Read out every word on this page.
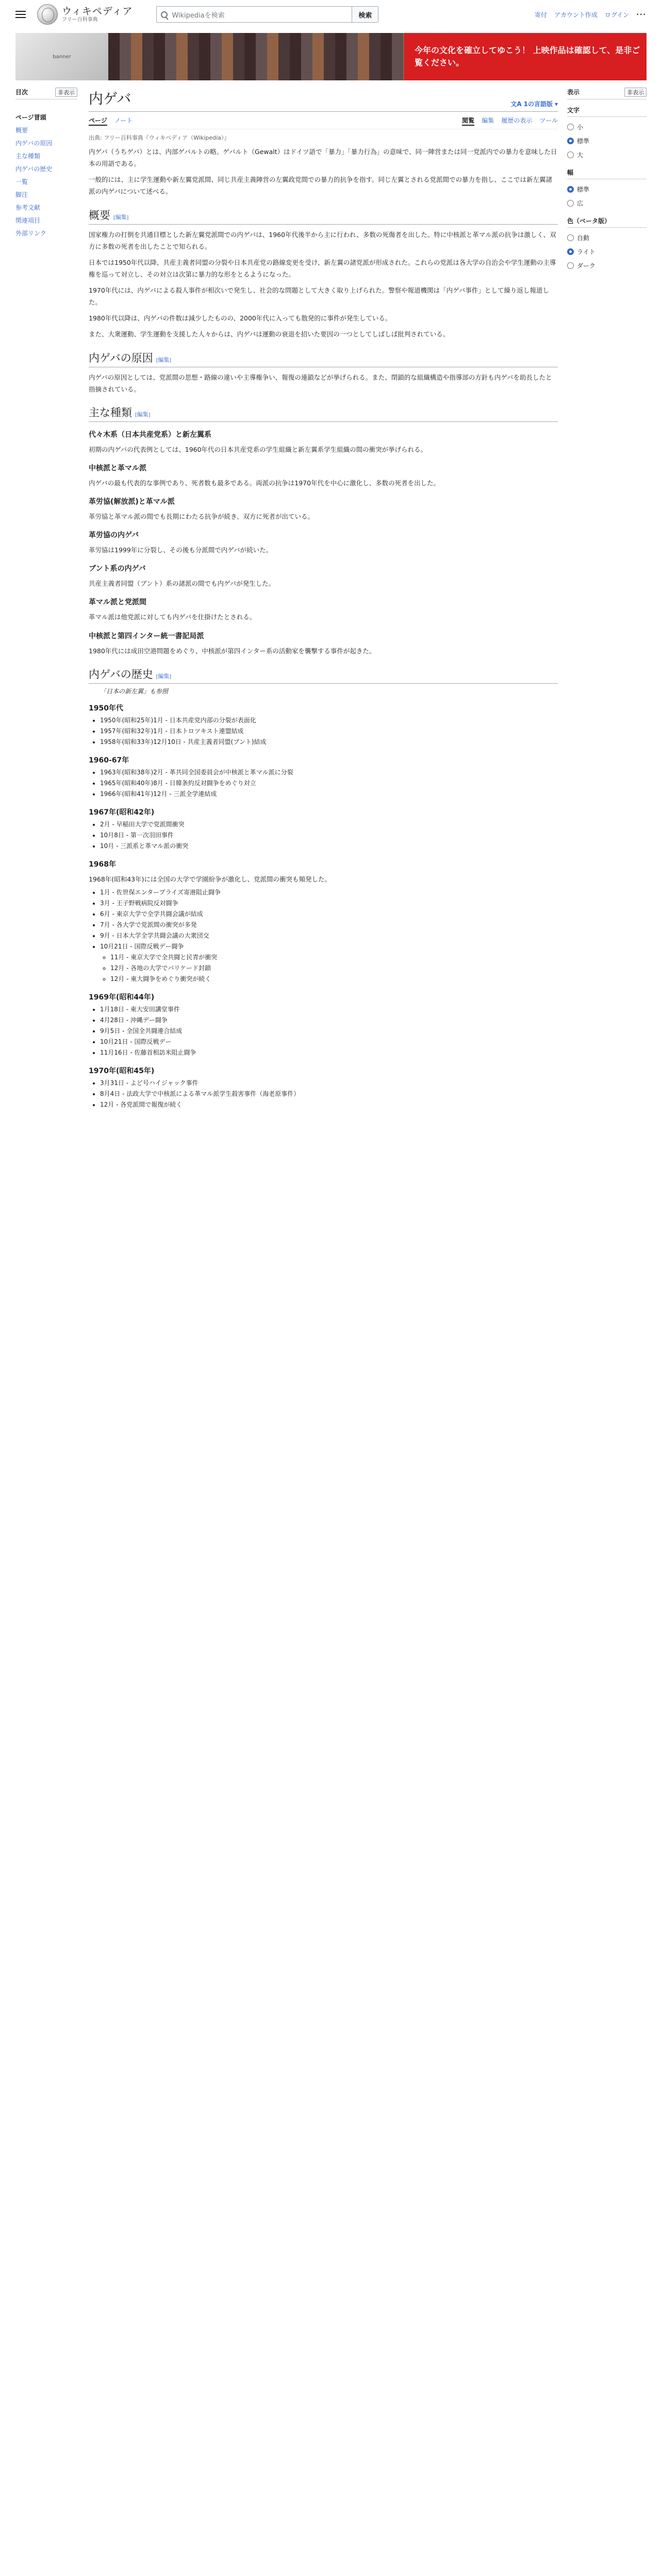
ウィキペディア
フリー百科事典
Wikipediaを検索	検索	寄付 アカウント作成 ログイン ···
banner
今年の文化を確立してゆこう！ 上映作品は確認して、是非ご覧ください。
目次	非表示
ページ冒頭
概要
内ゲバの原因
主な種類
内ゲバの歴史
一覧
脚注
参考文献
関連項目
外部リンク
表示	非表示
文字
小
標準
大
幅
標準
広
色（ベータ版）
自動
ライト
ダーク
内ゲバ	文A 1の言語版 ▾
ページ ノート	閲覧 編集 履歴の表示 ツール
出典: フリー百科事典『ウィキペディア（Wikipedia）』

内ゲバ（うちゲバ）とは、内部ゲバルトの略。ゲバルト（Gewalt）はドイツ語で「暴力」「暴力行為」の意味で、同一陣営または同一党派内での暴力を意味した日本の用語である。

一般的には、主に学生運動や新左翼党派間、同じ共産主義陣営の左翼政党間での暴力的抗争を指す。同じ左翼とされる党派間での暴力を指し、ここでは新左翼諸派の内ゲバについて述べる。

概要 [編集]

国家権力の打倒を共通目標とした新左翼党派間での内ゲバは、1960年代後半から主に行われ、多数の死傷者を出した。特に中核派と革マル派の抗争は激しく、双方に多数の死者を出したことで知られる。

日本では1950年代以降、共産主義者同盟の分裂や日本共産党の路線変更を受け、新左翼の諸党派が形成された。これらの党派は各大学の自治会や学生運動の主導権を巡って対立し、その対立は次第に暴力的な形をとるようになった。

1970年代には、内ゲバによる殺人事件が相次いで発生し、社会的な問題として大きく取り上げられた。警察や報道機関は「内ゲバ事件」として繰り返し報道した。

1980年代以降は、内ゲバの件数は減少したものの、2000年代に入っても散発的に事件が発生している。

また、大衆運動、学生運動を支援した人々からは、内ゲバは運動の衰退を招いた要因の一つとしてしばしば批判されている。

内ゲバの原因 [編集]

内ゲバの原因としては、党派間の思想・路線の違いや主導権争い、報復の連鎖などが挙げられる。また、閉鎖的な組織構造や指導部の方針も内ゲバを助長したと指摘されている。

主な種類 [編集]
代々木系（日本共産党系）と新左翼系

初期の内ゲバの代表例としては、1960年代の日本共産党系の学生組織と新左翼系学生組織の間の衝突が挙げられる。

中核派と革マル派

内ゲバの最も代表的な事例であり、死者数も最多である。両派の抗争は1970年代を中心に激化し、多数の死者を出した。

革労協(解放派)と革マル派

革労協と革マル派の間でも長期にわたる抗争が続き、双方に死者が出ている。

革労協の内ゲバ

革労協は1999年に分裂し、その後も分派間で内ゲバが続いた。

ブント系の内ゲバ

共産主義者同盟（ブント）系の諸派の間でも内ゲバが発生した。

革マル派と党派間

革マル派は他党派に対しても内ゲバを仕掛けたとされる。

中核派と第四インター統一書記局派

1980年代には成田空港問題をめぐり、中核派が第四インター系の活動家を襲撃する事件が起きた。

内ゲバの歴史 [編集]
「日本の新左翼」も参照
1950年代
• 1950年(昭和25年)1月 - 日本共産党内部の分裂が表面化
• 1957年(昭和32年)1月 - 日本トロツキスト連盟結成
• 1958年(昭和33年)12月10日 - 共産主義者同盟(ブント)結成
1960-67年
• 1963年(昭和38年)2月 - 革共同全国委員会が中核派と革マル派に分裂
• 1965年(昭和40年)8月 - 日韓条約反対闘争をめぐり対立
• 1966年(昭和41年)12月 - 三派全学連結成
1967年(昭和42年)
• 2月 - 早稲田大学で党派間衝突
• 10月8日 - 第一次羽田事件
• 10月 - 三派系と革マル派の衝突
1968年

1968年(昭和43年)には全国の大学で学園紛争が激化し、党派間の衝突も頻発した。

• 1月 - 佐世保エンタープライズ寄港阻止闘争
• 3月 - 王子野戦病院反対闘争
• 6月 - 東京大学で全学共闘会議が結成
• 7月 - 各大学で党派間の衝突が多発
• 9月 - 日本大学全学共闘会議の大衆団交
• 10月21日 - 国際反戦デー闘争
◦ 11月 - 東京大学で全共闘と民青が衝突
◦ 12月 - 各地の大学でバリケード封鎖
◦ 12月 - 東大闘争をめぐり衝突が続く
1969年(昭和44年)
• 1月18日 - 東大安田講堂事件
• 4月28日 - 沖縄デー闘争
• 9月5日 - 全国全共闘連合結成
• 10月21日 - 国際反戦デー
• 11月16日 - 佐藤首相訪米阻止闘争
1970年(昭和45年)
• 3月31日 - よど号ハイジャック事件
• 8月4日 - 法政大学で中核派による革マル派学生殺害事件（海老原事件）
• 12月 - 各党派間で報復が続く
